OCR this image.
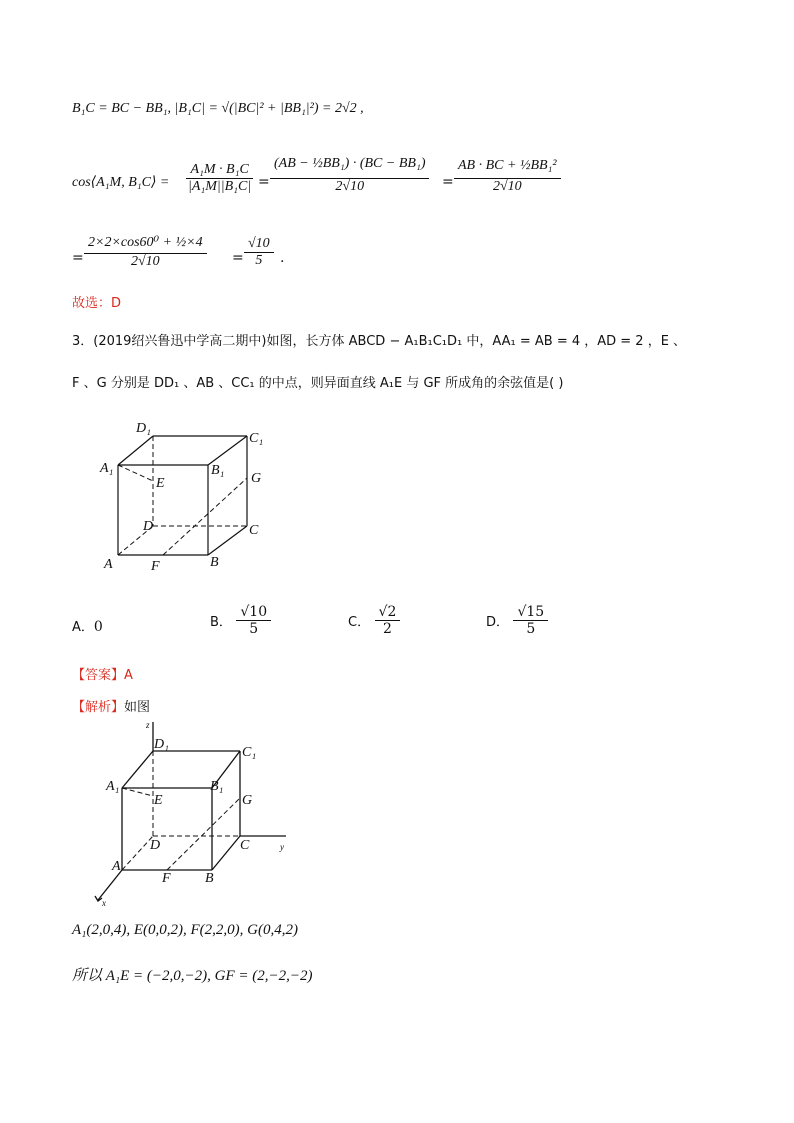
B₁C = BC − BB₁, |B₁C| = √(|BC|² + |BB₁|²) = 2√2 ,
cos⟨A₁M, B₁C⟩ = $\frac{\text{A₁M · B₁C}}{\text{|A₁M||B₁C|}} = \frac{\text{(AB − ½BB₁) · (BC − BB₁)}}{2√10} = \frac{\text{AB · BC + ½BB₁²}}{2√10}$
= $\frac{\text{2×2×cos60⁰ + ½×4}}{2√10} = \frac{√10}{5}$ .
故选：D
3．(2019绍兴鲁迅中学高二期中)如图，长方体 ABCD − A₁B₁C₁D₁ 中，AA₁ = AB = 4 ，AD = 2 ，E 、
F 、G 分别是 DD₁ 、AB 、CC₁ 的中点，则异面直线 A₁E 与 GF 所成角的余弦值是( )
D₁
C₁
A₁	B₁
E	G
D	C
A	F	B
A．0	B． $\frac{√10}{5}$	C． $\frac{√2}{2}$	D． $\frac{√15}{5}$
【答案】A
【解析】如图
z
D₁
C₁
A₁	B₁
E	G
D	C
A
F B
y
x
A₁(2,0,4), E(0,0,2), F(2,2,0), G(0,4,2)
所以 A₁E = (−2,0,−2), GF = (2,−2,−2)
